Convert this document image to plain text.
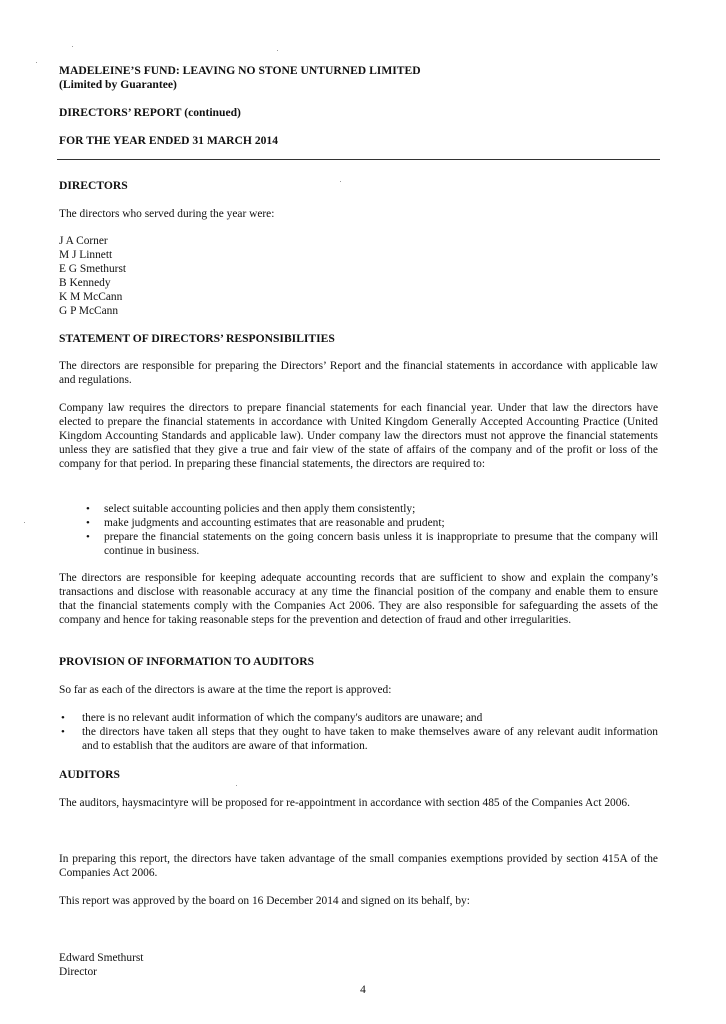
MADELEINE’S FUND: LEAVING NO STONE UNTURNED LIMITED
(Limited by Guarantee)
DIRECTORS’ REPORT (continued)
FOR THE YEAR ENDED 31 MARCH 2014
DIRECTORS
The directors who served during the year were:
J A Corner
M J Linnett
E G Smethurst
B Kennedy
K M McCann
G P McCann
STATEMENT OF DIRECTORS’ RESPONSIBILITIES
The directors are responsible for preparing the Directors’ Report and the financial statements in accordance with applicable law and regulations.
Company law requires the directors to prepare financial statements for each financial year. Under that law the directors have elected to prepare the financial statements in accordance with United Kingdom Generally Accepted Accounting Practice (United Kingdom Accounting Standards and applicable law). Under company law the directors must not approve the financial statements unless they are satisfied that they give a true and fair view of the state of affairs of the company and of the profit or loss of the company for that period. In preparing these financial statements, the directors are required to:
• select suitable accounting policies and then apply them consistently;
• make judgments and accounting estimates that are reasonable and prudent;
• prepare the financial statements on the going concern basis unless it is inappropriate to presume that the company will continue in business.
The directors are responsible for keeping adequate accounting records that are sufficient to show and explain the company’s transactions and disclose with reasonable accuracy at any time the financial position of the company and enable them to ensure that the financial statements comply with the Companies Act 2006. They are also responsible for safeguarding the assets of the company and hence for taking reasonable steps for the prevention and detection of fraud and other irregularities.
PROVISION OF INFORMATION TO AUDITORS
So far as each of the directors is aware at the time the report is approved:
• there is no relevant audit information of which the company's auditors are unaware; and
• the directors have taken all steps that they ought to have taken to make themselves aware of any relevant audit information and to establish that the auditors are aware of that information.
AUDITORS
The auditors, haysmacintyre will be proposed for re-appointment in accordance with section 485 of the Companies Act 2006.
In preparing this report, the directors have taken advantage of the small companies exemptions provided by section 415A of the Companies Act 2006.
This report was approved by the board on 16 December 2014 and signed on its behalf, by:
Edward Smethurst
Director
4
